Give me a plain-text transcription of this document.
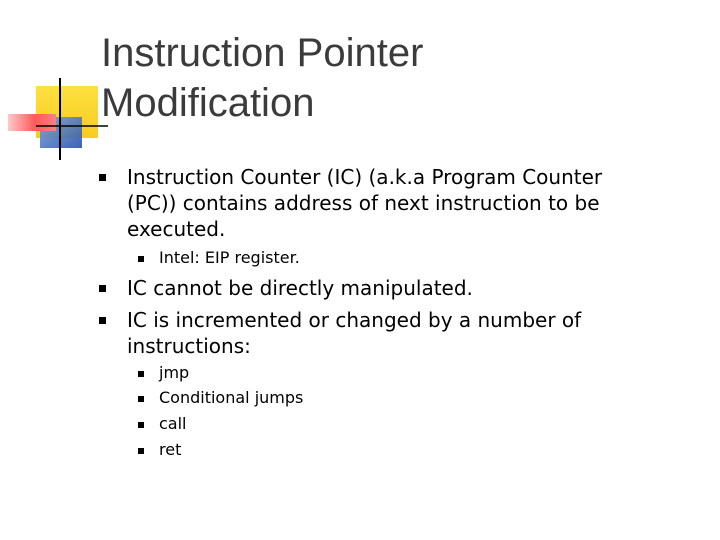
Instruction Pointer
Modification
Instruction Counter (IC) (a.k.a Program Counter
(PC)) contains address of next instruction to be
executed.
Intel: EIP register.
IC cannot be directly manipulated.
IC is incremented or changed by a number of
instructions:
jmp
Conditional jumps
call
ret
